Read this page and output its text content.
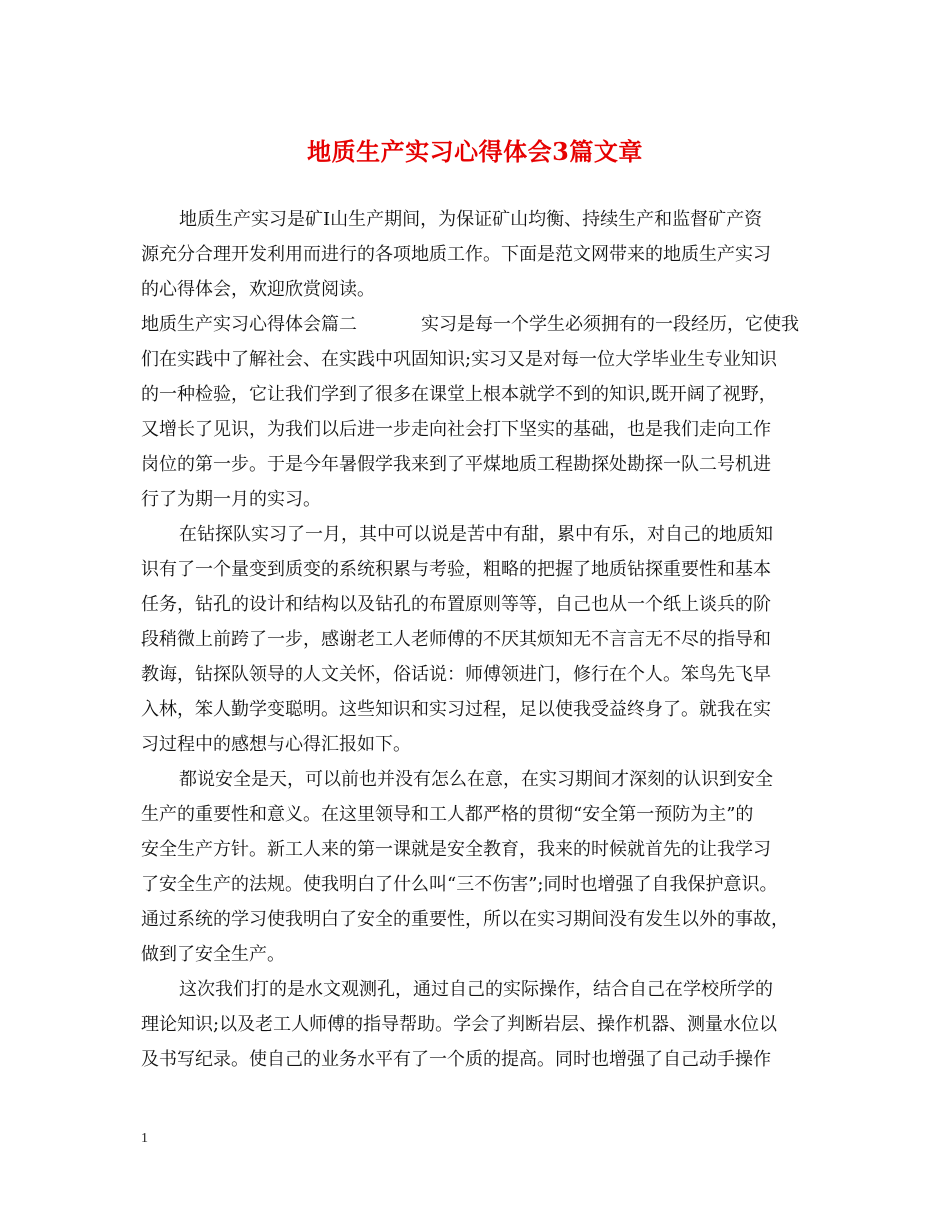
地质生产实习心得体会3篇文章
地质生产实习是矿Ⅰ山生产期间，为保证矿山均衡、持续生产和监督矿产资
源充分合理开发利用而进行的各项地质工作。下面是范文网带来的地质生产实习
的心得体会，欢迎欣赏阅读。
地质生产实习心得体会篇二	实习是每一个学生必须拥有的一段经历，它使我
们在实践中了解社会、在实践中巩固知识;实习又是对每一位大学毕业生专业知识
的一种检验，它让我们学到了很多在课堂上根本就学不到的知识,既开阔了视野，
又增长了见识，为我们以后进一步走向社会打下坚实的基础，也是我们走向工作
岗位的第一步。于是今年暑假学我来到了平煤地质工程勘探处勘探一队二号机进
行了为期一月的实习。
在钻探队实习了一月，其中可以说是苦中有甜，累中有乐，对自己的地质知
识有了一个量变到质变的系统积累与考验，粗略的把握了地质钻探重要性和基本
任务，钻孔的设计和结构以及钻孔的布置原则等等，自己也从一个纸上谈兵的阶
段稍微上前跨了一步，感谢老工人老师傅的不厌其烦知无不言言无不尽的指导和
教诲，钻探队领导的人文关怀，俗话说：师傅领进门，修行在个人。笨鸟先飞早
入林，笨人勤学变聪明。这些知识和实习过程，足以使我受益终身了。就我在实
习过程中的感想与心得汇报如下。
都说安全是天，可以前也并没有怎么在意，在实习期间才深刻的认识到安全
生产的重要性和意义。在这里领导和工人都严格的贯彻“安全第一预防为主”的
安全生产方针。新工人来的第一课就是安全教育，我来的时候就首先的让我学习
了安全生产的法规。使我明白了什么叫“三不伤害”;同时也增强了自我保护意识。
通过系统的学习使我明白了安全的重要性，所以在实习期间没有发生以外的事故，
做到了安全生产。
这次我们打的是水文观测孔，通过自己的实际操作，结合自己在学校所学的
理论知识;以及老工人师傅的指导帮助。学会了判断岩层、操作机器、测量水位以
及书写纪录。使自己的业务水平有了一个质的提高。同时也增强了自己动手操作
1
